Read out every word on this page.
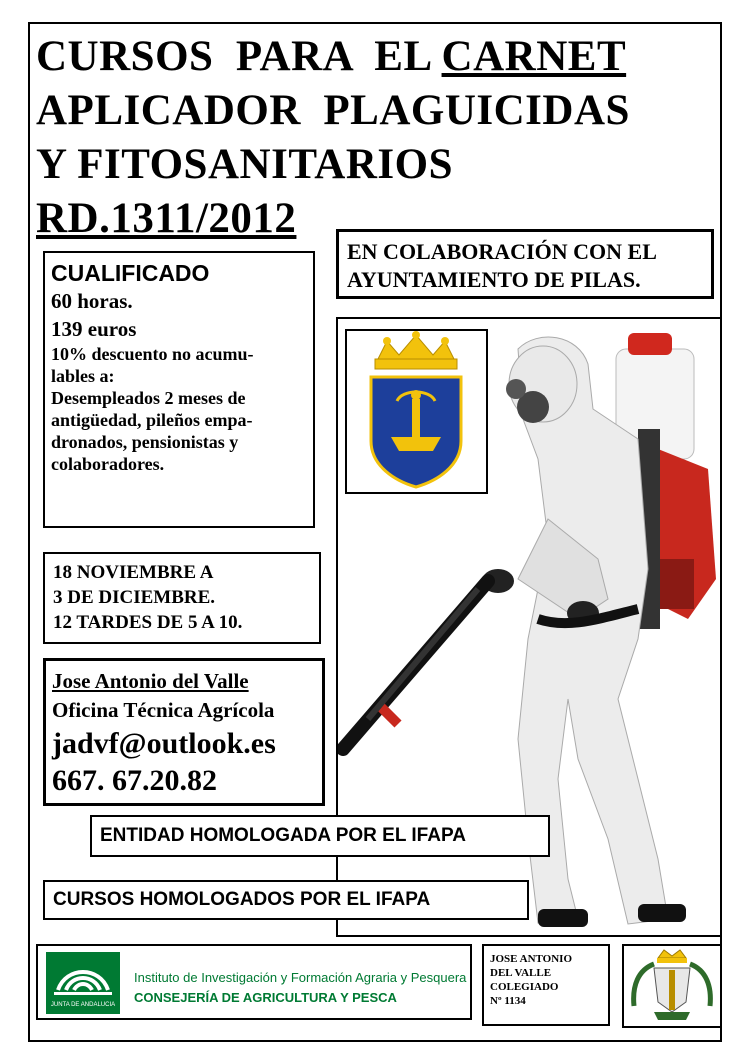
CURSOS  PARA  EL CARNET
APLICADOR  PLAGUICIDAS
Y FITOSANITARIOS
RD.1311/2012
CUALIFICADO
60 horas.
139 euros
10% descuento no acumu-
lables a:
Desempleados 2 meses de
antigüedad, pileños empa-
dronados, pensionistas y
colaboradores.
18 NOVIEMBRE A
3 DE DICIEMBRE.
12 TARDES DE 5 A 10.
Jose Antonio del Valle
Oficina Técnica Agrícola
jadvf@outlook.es
667. 67.20.82
EN COLABORACIÓN CON EL
AYUNTAMIENTO DE PILAS.
ENTIDAD HOMOLOGADA POR EL IFAPA
CURSOS HOMOLOGADOS POR EL IFAPA
JUNTA DE ANDALUCIA
Instituto de Investigación y Formación Agraria y Pesquera
CONSEJERÍA DE AGRICULTURA Y PESCA
JOSE ANTONIO
DEL VALLE
COLEGIADO
Nº 1134
